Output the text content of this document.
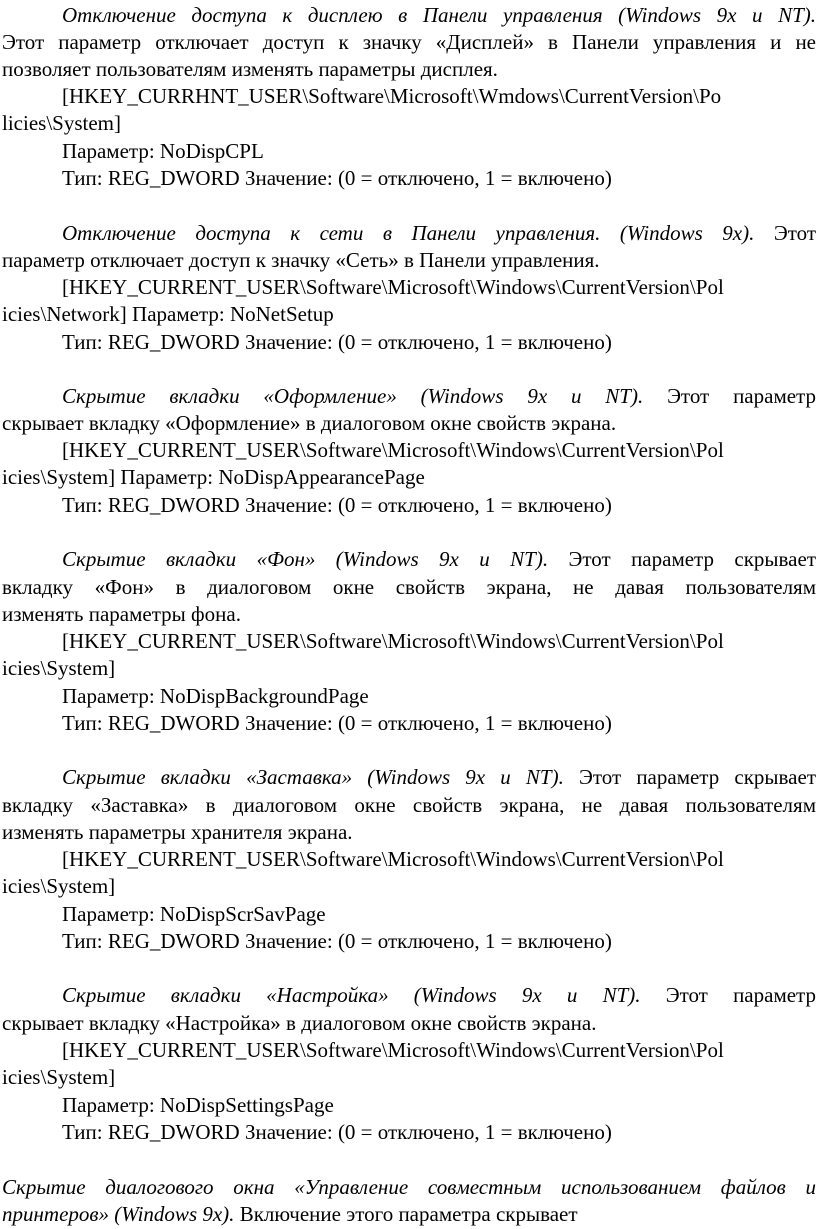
Отключение доступа к дисплею в Панели управления (Windows 9x и NT).
Этот параметр отключает доступ к значку «Дисплей» в Панели управления и не
позволяет пользователям изменять параметры дисплея.
[HKEY_CURRHNT_USER\Software\Microsoft\Wmdows\CurrentVersion\Po
licies\System]
Параметр: NoDispCPL
Тип: REG_DWORD Значение: (0 = отключено, 1 = включено)
Отключение доступа к сети в Панели управления. (Windows 9x). Этот
параметр отключает доступ к значку «Сеть» в Панели управления.
[HKEY_CURRENT_USER\Software\Microsoft\Windows\CurrentVersion\Pol
icies\Network] Параметр: NoNetSetup
Тип: REG_DWORD Значение: (0 = отключено, 1 = включено)
Скрытие вкладки «Оформление» (Windows 9x и NT). Этот параметр
скрывает вкладку «Оформление» в диалоговом окне свойств экрана.
[HKEY_CURRENT_USER\Software\Microsoft\Windows\CurrentVersion\Pol
icies\System] Параметр: NoDispAppearancePage
Тип: REG_DWORD Значение: (0 = отключено, 1 = включено)
Скрытие вкладки «Фон» (Windows 9x и NT). Этот параметр скрывает
вкладку «Фон» в диалоговом окне свойств экрана, не давая пользователям
изменять параметры фона.
[HKEY_CURRENT_USER\Software\Microsoft\Windows\CurrentVersion\Pol
icies\System]
Параметр: NoDispBackgroundPage
Тип: REG_DWORD Значение: (0 = отключено, 1 = включено)
Скрытие вкладки «Заставка» (Windows 9x и NT). Этот параметр скрывает
вкладку «Заставка» в диалоговом окне свойств экрана, не давая пользователям
изменять параметры хранителя экрана.
[HKEY_CURRENT_USER\Software\Microsoft\Windows\CurrentVersion\Pol
icies\System]
Параметр: NoDispScrSavPage
Тип: REG_DWORD Значение: (0 = отключено, 1 = включено)
Скрытие вкладки «Настройка» (Windows 9x и NT). Этот параметр
скрывает вкладку «Настройка» в диалоговом окне свойств экрана.
[HKEY_CURRENT_USER\Software\Microsoft\Windows\CurrentVersion\Pol
icies\System]
Параметр: NoDispSettingsPage
Тип: REG_DWORD Значение: (0 = отключено, 1 = включено)
Скрытие диалогового окна «Управление совместным использованием файлов и
принтеров» (Windows 9x). Включение этого параметра скрывает
